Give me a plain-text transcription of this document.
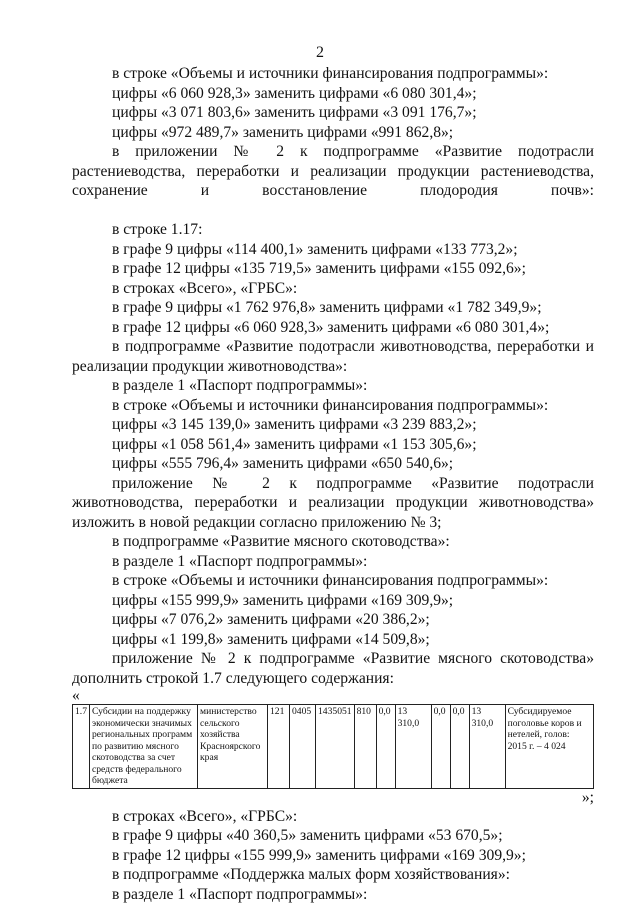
2

в строке «Объемы и источники финансирования подпрограммы»:

цифры «6 060 928,3» заменить цифрами «6 080 301,4»;

цифры «3 071 803,6» заменить цифрами «3 091 176,7»;

цифры «972 489,7» заменить цифрами «991 862,8»;

в приложении № 2 к подпрограмме «Развитие подотрасли растениеводства, переработки и реализации продукции растениеводства, сохранение и восстановление плодородия почв»:

в строке 1.17:

в графе 9 цифры «114 400,1» заменить цифрами «133 773,2»;

в графе 12 цифры «135 719,5» заменить цифрами «155 092,6»;

в строках «Всего», «ГРБС»:

в графе 9 цифры «1 762 976,8» заменить цифрами «1 782 349,9»;

в графе 12 цифры «6 060 928,3» заменить цифрами «6 080 301,4»;

в подпрограмме «Развитие подотрасли животноводства, переработки и реализации продукции животноводства»:

в разделе 1 «Паспорт подпрограммы»:

в строке «Объемы и источники финансирования подпрограммы»:

цифры «3 145 139,0» заменить цифрами «3 239 883,2»;

цифры «1 058 561,4» заменить цифрами «1 153 305,6»;

цифры «555 796,4» заменить цифрами «650 540,6»;

приложение № 2 к подпрограмме «Развитие подотрасли животноводства, переработки и реализации продукции животноводства» изложить в новой редакции согласно приложению № 3;

в подпрограмме «Развитие мясного скотоводства»:

в разделе 1 «Паспорт подпрограммы»:

в строке «Объемы и источники финансирования подпрограммы»:

цифры «155 999,9» заменить цифрами «169 309,9»;

цифры «7 076,2» заменить цифрами «20 386,2»;

цифры «1 199,8» заменить цифрами «14 509,8»;

приложение № 2 к подпрограмме «Развитие мясного скотоводства» дополнить строкой 1.7 следующего содержания:

«

1.7	Субсидии на поддержку экономически значимых региональных программ по развитию мясного скотоводства за счет средств федерального бюджета	министерство сельского хозяйства Красноярского края	121	0405	1435051	810	0,0	13 310,0	0,0	0,0	13 310,0	Субсидируемое поголовье коров и нетелей, голов: 2015 г. – 4 024

»;

в строках «Всего», «ГРБС»:

в графе 9 цифры «40 360,5» заменить цифрами «53 670,5»;

в графе 12 цифры «155 999,9» заменить цифрами «169 309,9»;

в подпрограмме «Поддержка малых форм хозяйствования»:

в разделе 1 «Паспорт подпрограммы»:
